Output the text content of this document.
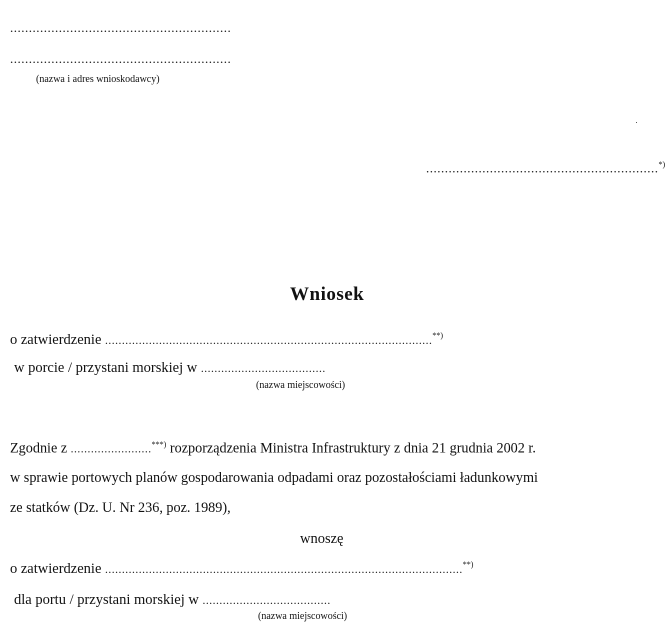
...........................................................
...........................................................
(nazwa i adres wnioskodawcy)
..............................................................*)
Wniosek
o zatwierdzenie .................................................................................................**)
w porcie / przystani morskiej w .....................................
(nazwa miejscowości)
Zgodnie z ........................***) rozporządzenia Ministra Infrastruktury z dnia 21 grudnia 2002 r.
w sprawie portowych planów gospodarowania odpadami oraz pozostałościami ładunkowymi
ze statków (Dz. U. Nr 236, poz. 1989),
wnoszę
o zatwierdzenie ..........................................................................................................**)
dla portu / przystani morskiej w ......................................
(nazwa miejscowości)
